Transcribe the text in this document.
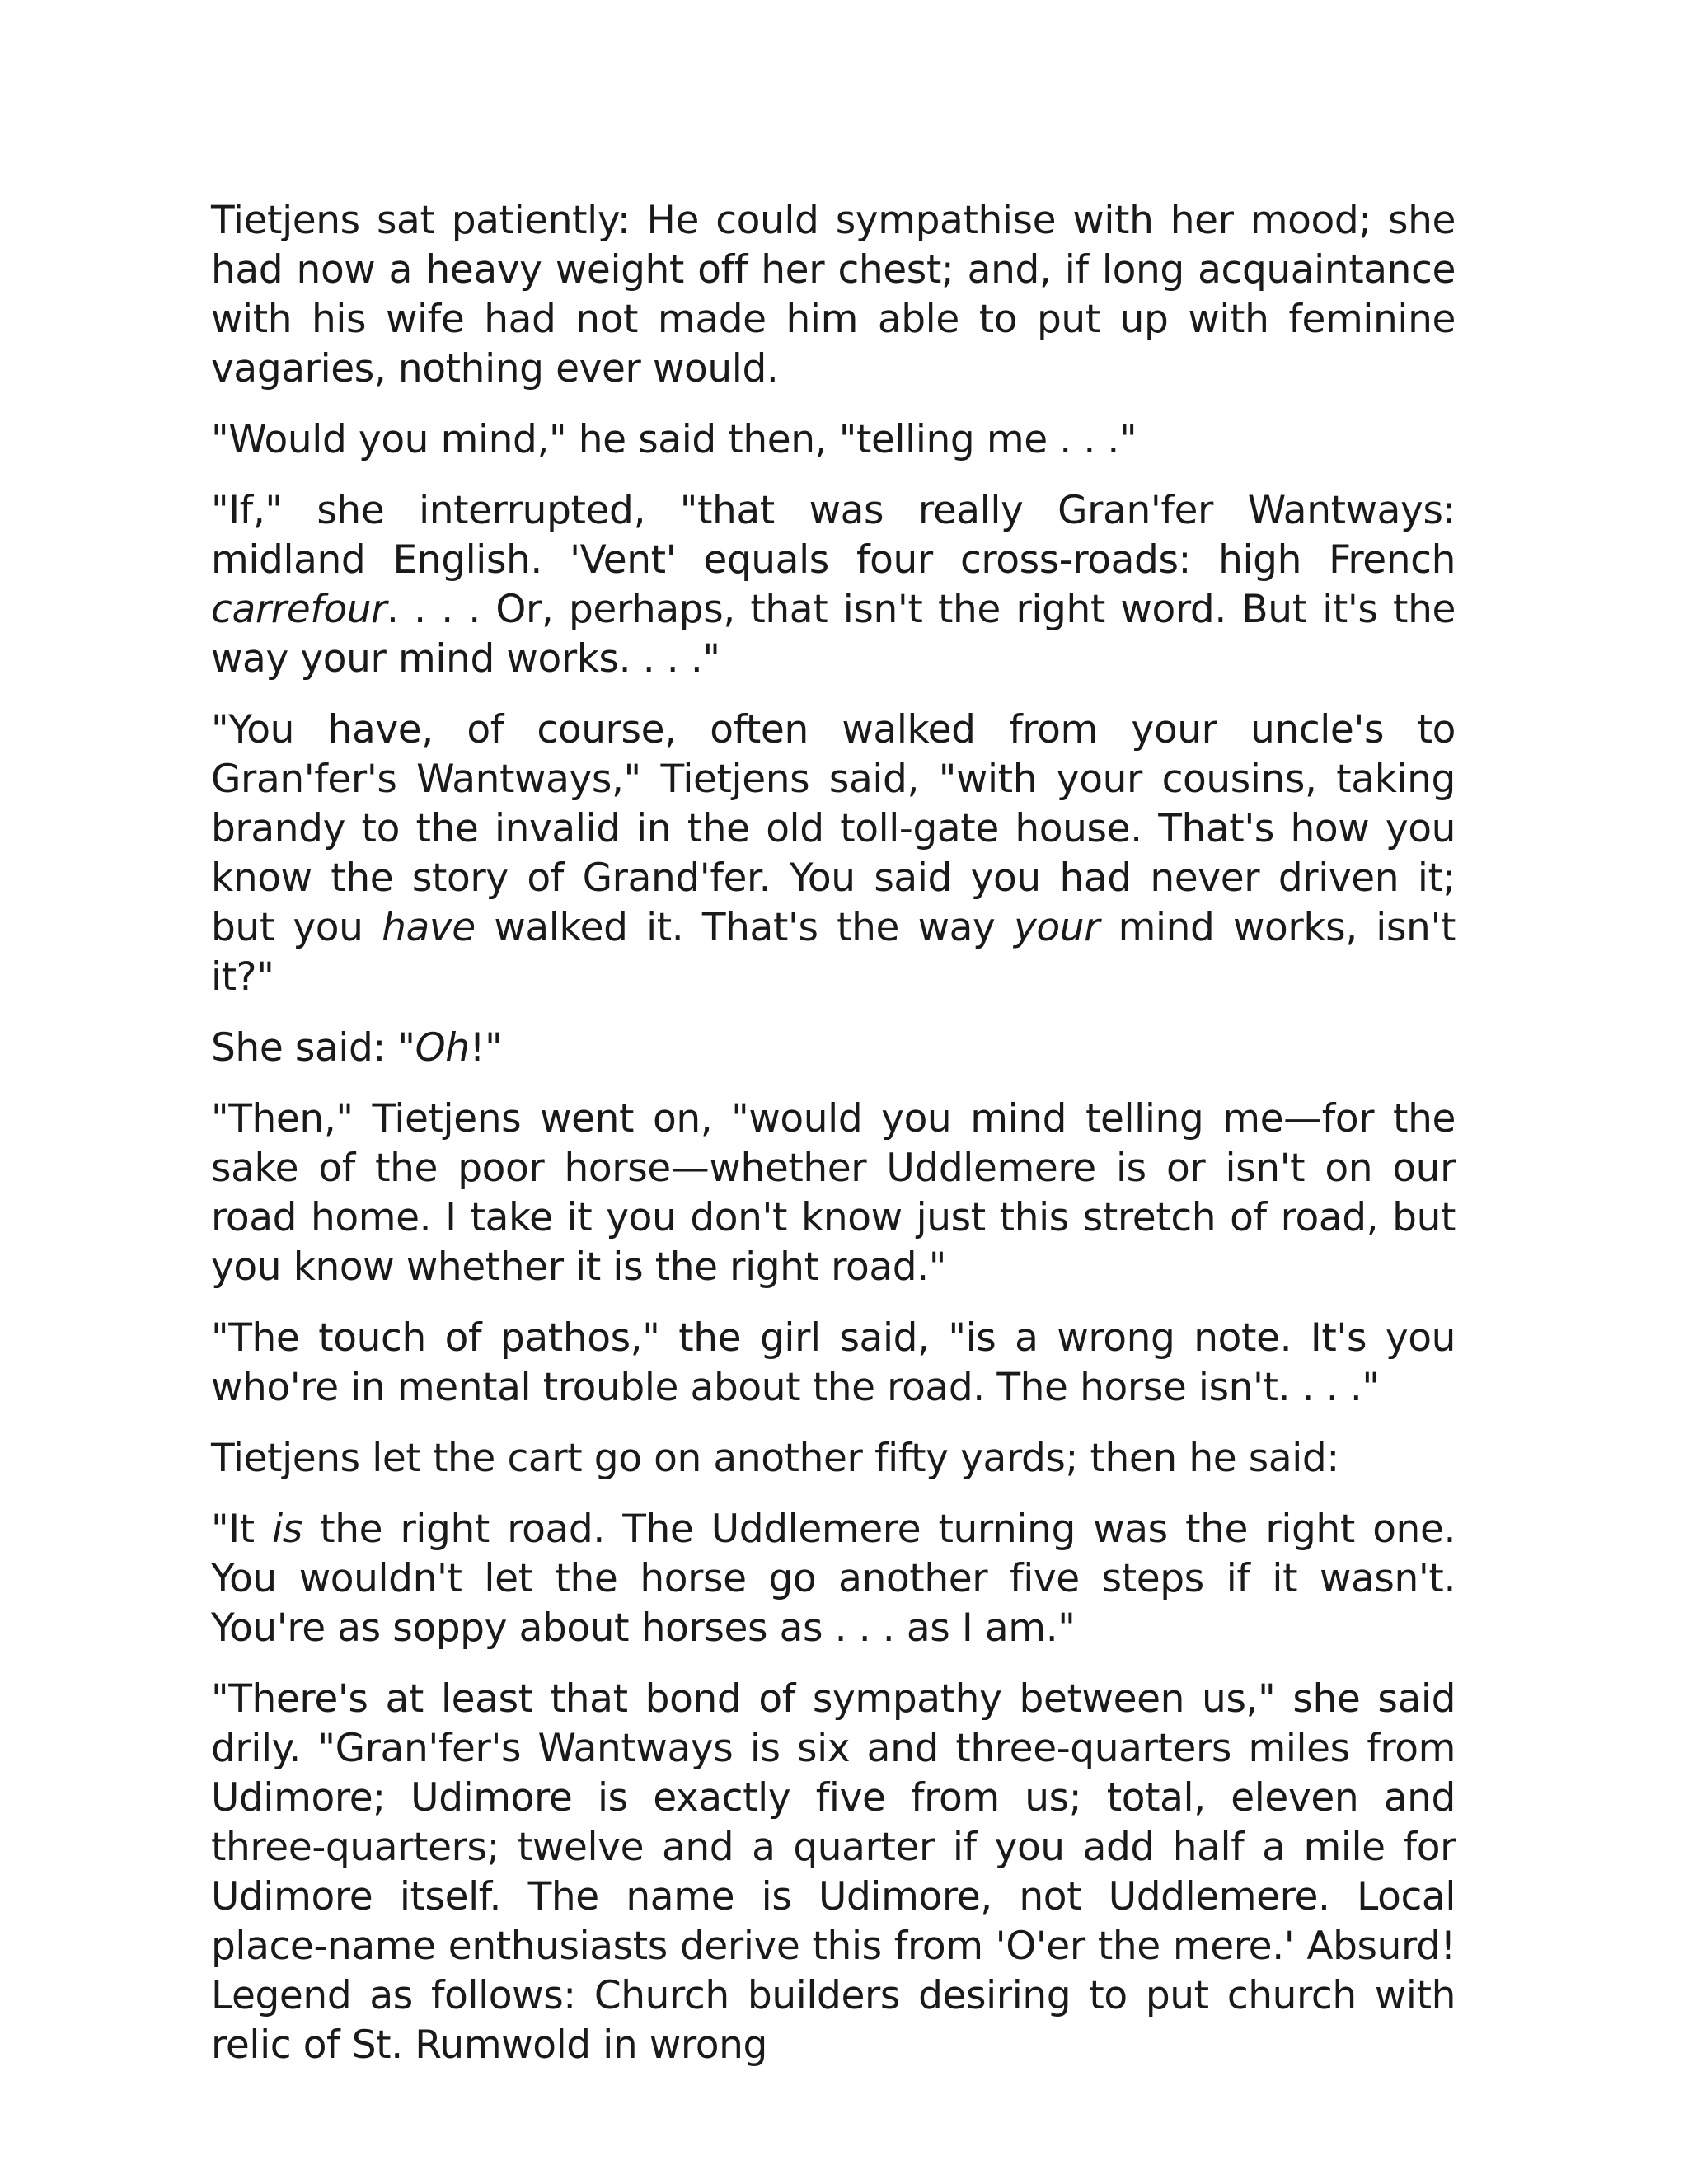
Tietjens sat patiently: He could sympathise with her mood; she had now a heavy weight off her chest; and, if long acquaintance with his wife had not made him able to put up with feminine vagaries, nothing ever would.

"Would you mind," he said then, "telling me . . ."

"If," she interrupted, "that was really Gran'fer Wantways: midland English. 'Vent' equals four cross-roads: high French carrefour. . . . Or, perhaps, that isn't the right word. But it's the way your mind works. . . ."

"You have, of course, often walked from your uncle's to Gran'fer's Wantways," Tietjens said, "with your cousins, taking brandy to the invalid in the old toll-gate house. That's how you know the story of Grand'fer. You said you had never driven it; but you have walked it. That's the way your mind works, isn't it?"

She said: "Oh!"

"Then," Tietjens went on, "would you mind telling me—for the sake of the poor horse—whether Uddlemere is or isn't on our road home. I take it you don't know just this stretch of road, but you know whether it is the right road."

"The touch of pathos," the girl said, "is a wrong note. It's you who're in mental trouble about the road. The horse isn't. . . ."

Tietjens let the cart go on another fifty yards; then he said:

"It is the right road. The Uddlemere turning was the right one. You wouldn't let the horse go another five steps if it wasn't. You're as soppy about horses as . . . as I am."

"There's at least that bond of sympathy between us," she said drily. "Gran'fer's Wantways is six and three-quarters miles from Udimore; Udimore is exactly five from us; total, eleven and three-quarters; twelve and a quarter if you add half a mile for Udimore itself. The name is Udimore, not Uddlemere. Local place-name enthusiasts derive this from 'O'er the mere.' Absurd! Legend as follows: Church builders desiring to put church with relic of St. Rumwold in wrong
